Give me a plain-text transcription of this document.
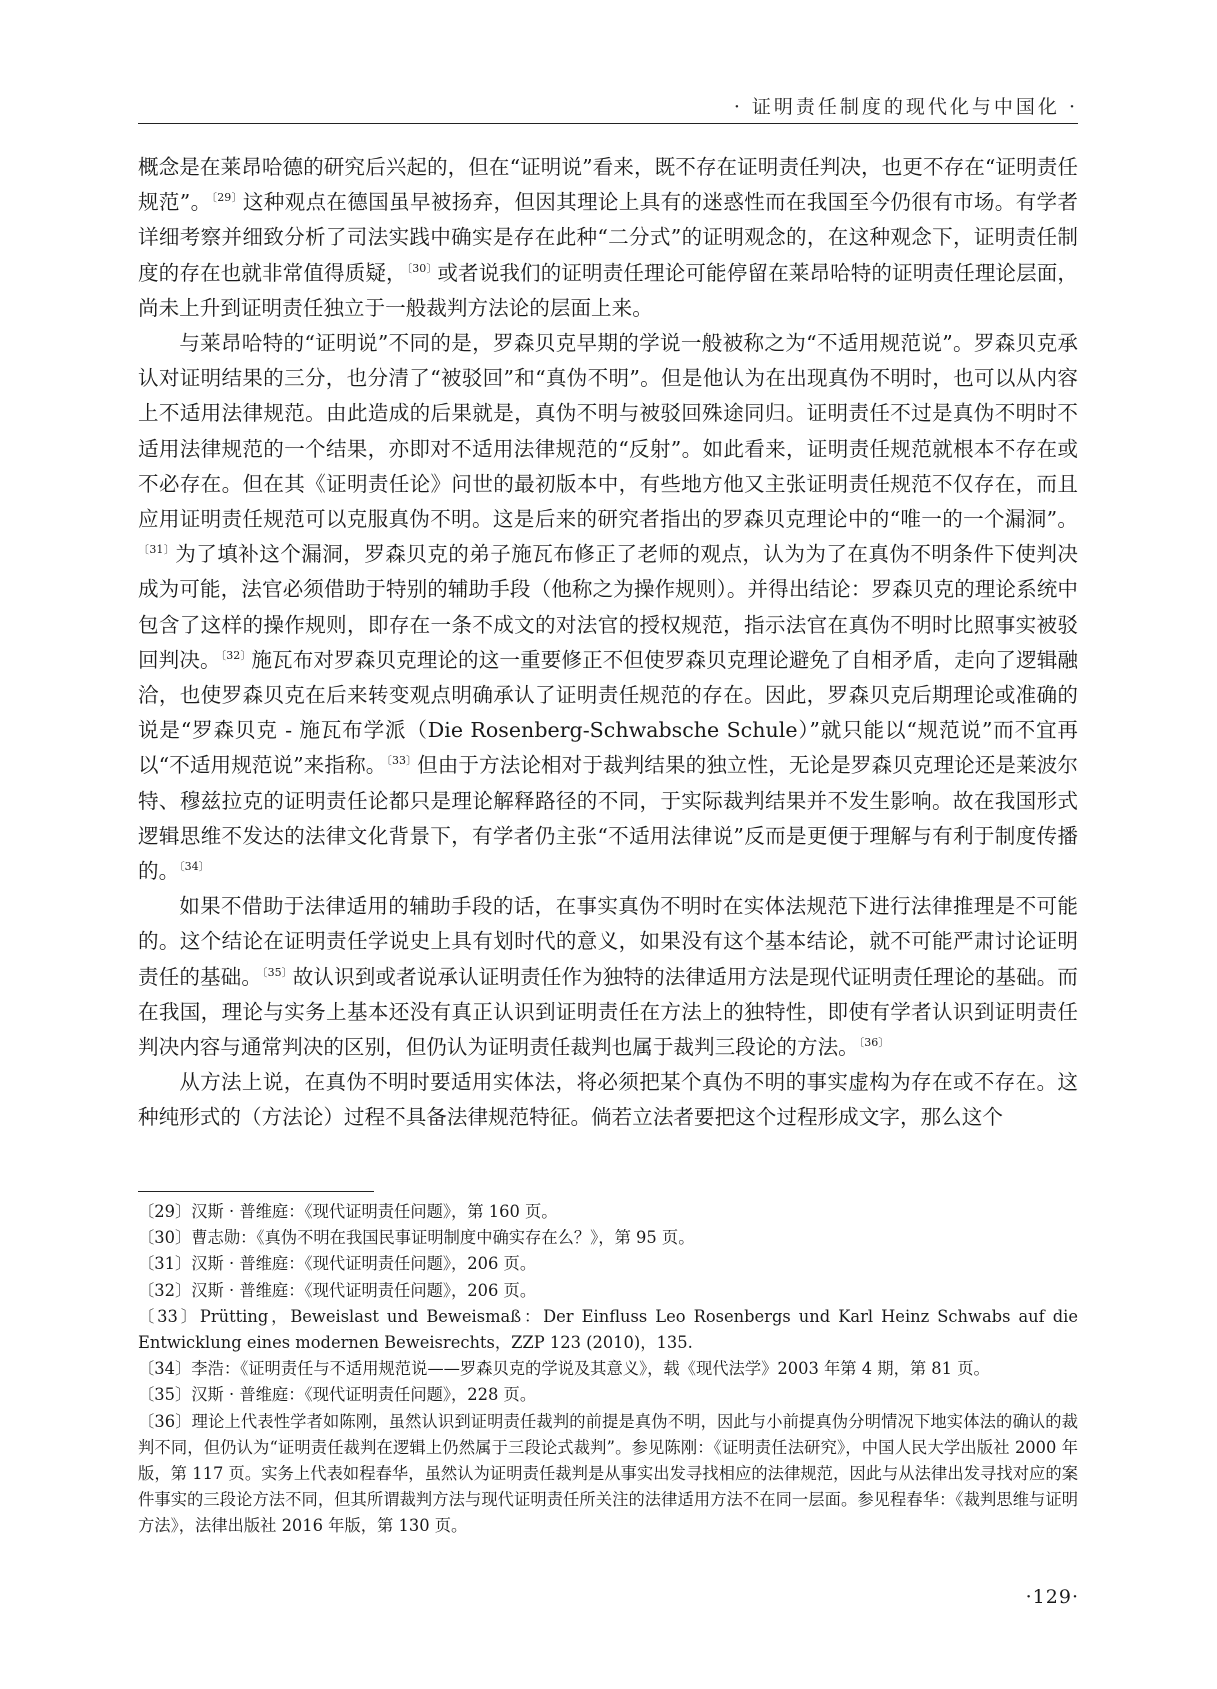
· 证明责任制度的现代化与中国化 ·

概念是在莱昂哈德的研究后兴起的，但在“证明说”看来，既不存在证明责任判决，也更不存在“证明责任规范”。$^{〔29〕}$这种观点在德国虽早被扬弃，但因其理论上具有的迷惑性而在我国至今仍很有市场。有学者详细考察并细致分析了司法实践中确实是存在此种“二分式”的证明观念的，在这种观念下，证明责任制度的存在也就非常值得质疑，$^{〔30〕}$或者说我们的证明责任理论可能停留在莱昂哈特的证明责任理论层面，尚未上升到证明责任独立于一般裁判方法论的层面上来。

与莱昂哈特的“证明说”不同的是，罗森贝克早期的学说一般被称之为“不适用规范说”。罗森贝克承认对证明结果的三分，也分清了“被驳回”和“真伪不明”。但是他认为在出现真伪不明时，也可以从内容上不适用法律规范。由此造成的后果就是，真伪不明与被驳回殊途同归。证明责任不过是真伪不明时不适用法律规范的一个结果，亦即对不适用法律规范的“反射”。如此看来，证明责任规范就根本不存在或不必存在。但在其《证明责任论》问世的最初版本中，有些地方他又主张证明责任规范不仅存在，而且应用证明责任规范可以克服真伪不明。这是后来的研究者指出的罗森贝克理论中的“唯一的一个漏洞”。$^{〔31〕}$为了填补这个漏洞，罗森贝克的弟子施瓦布修正了老师的观点，认为为了在真伪不明条件下使判决成为可能，法官必须借助于特别的辅助手段（他称之为操作规则）。并得出结论：罗森贝克的理论系统中包含了这样的操作规则，即存在一条不成文的对法官的授权规范，指示法官在真伪不明时比照事实被驳回判决。$^{〔32〕}$施瓦布对罗森贝克理论的这一重要修正不但使罗森贝克理论避免了自相矛盾，走向了逻辑融洽，也使罗森贝克在后来转变观点明确承认了证明责任规范的存在。因此，罗森贝克后期理论或准确的说是“罗森贝克 - 施瓦布学派（Die Rosenberg-Schwabsche Schule）”就只能以“规范说”而不宜再以“不适用规范说”来指称。$^{〔33〕}$但由于方法论相对于裁判结果的独立性，无论是罗森贝克理论还是莱波尔特、穆兹拉克的证明责任论都只是理论解释路径的不同，于实际裁判结果并不发生影响。故在我国形式逻辑思维不发达的法律文化背景下，有学者仍主张“不适用法律说”反而是更便于理解与有利于制度传播的。$^{〔34〕}$

如果不借助于法律适用的辅助手段的话，在事实真伪不明时在实体法规范下进行法律推理是不可能的。这个结论在证明责任学说史上具有划时代的意义，如果没有这个基本结论，就不可能严肃讨论证明责任的基础。$^{〔35〕}$故认识到或者说承认证明责任作为独特的法律适用方法是现代证明责任理论的基础。而在我国，理论与实务上基本还没有真正认识到证明责任在方法上的独特性，即使有学者认识到证明责任判决内容与通常判决的区别，但仍认为证明责任裁判也属于裁判三段论的方法。$^{〔36〕}$

从方法上说，在真伪不明时要适用实体法，将必须把某个真伪不明的事实虚构为存在或不存在。这种纯形式的（方法论）过程不具备法律规范特征。倘若立法者要把这个过程形成文字，那么这个

〔29〕汉斯 · 普维庭：《现代证明责任问题》，第 160 页。

〔30〕曹志勋：《真伪不明在我国民事证明制度中确实存在么？》，第 95 页。

〔31〕汉斯 · 普维庭：《现代证明责任问题》，206 页。

〔32〕汉斯 · 普维庭：《现代证明责任问题》，206 页。

〔33〕Prütting，Beweislast und Beweismaß：Der Einfluss Leo Rosenbergs und Karl Heinz Schwabs auf die Entwicklung eines modernen Beweisrechts，ZZP 123 (2010)，135.

〔34〕李浩：《证明责任与不适用规范说——罗森贝克的学说及其意义》，载《现代法学》2003 年第 4 期，第 81 页。

〔35〕汉斯 · 普维庭：《现代证明责任问题》，228 页。

〔36〕理论上代表性学者如陈刚，虽然认识到证明责任裁判的前提是真伪不明，因此与小前提真伪分明情况下地实体法的确认的裁判不同，但仍认为“证明责任裁判在逻辑上仍然属于三段论式裁判”。参见陈刚：《证明责任法研究》，中国人民大学出版社 2000 年版，第 117 页。实务上代表如程春华，虽然认为证明责任裁判是从事实出发寻找相应的法律规范，因此与从法律出发寻找对应的案件事实的三段论方法不同，但其所谓裁判方法与现代证明责任所关注的法律适用方法不在同一层面。参见程春华：《裁判思维与证明方法》，法律出版社 2016 年版，第 130 页。

·129·
